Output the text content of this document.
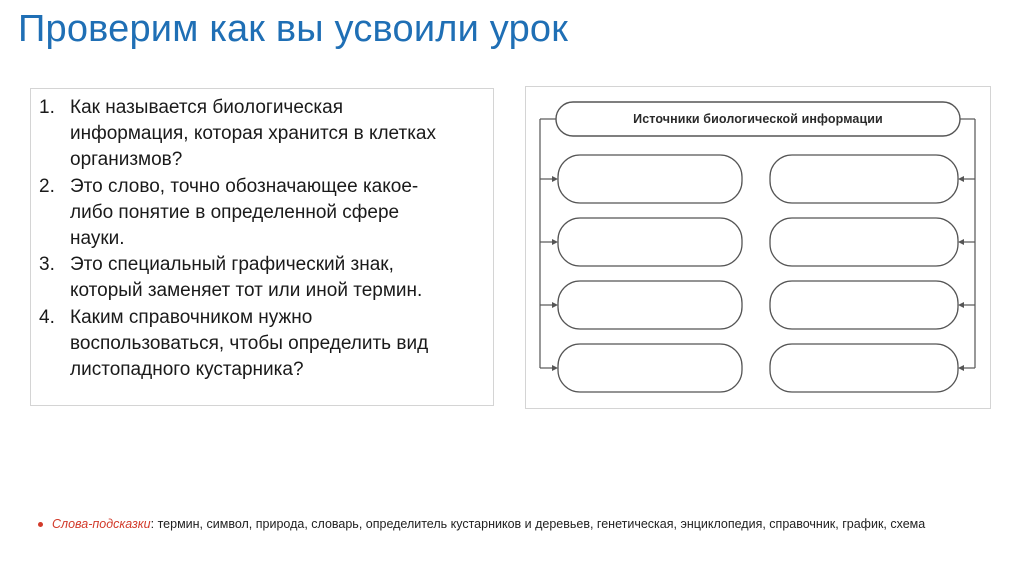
Проверим как вы усвоили урок
1. Как называется биологическая
информация, которая хранится в клетках
организмов?
2. Это слово, точно обозначающее какое-
либо понятие в определенной сфере
науки.
3. Это специальный графический знак,
который заменяет тот или иной термин.
4. Каким справочником нужно
воспользоваться, чтобы определить вид
листопадного кустарника?
Источники биологической информации
Слова-подсказки: термин, символ, природа, словарь, определитель кустарников и деревьев, генетическая, энциклопедия, справочник, график, схема
